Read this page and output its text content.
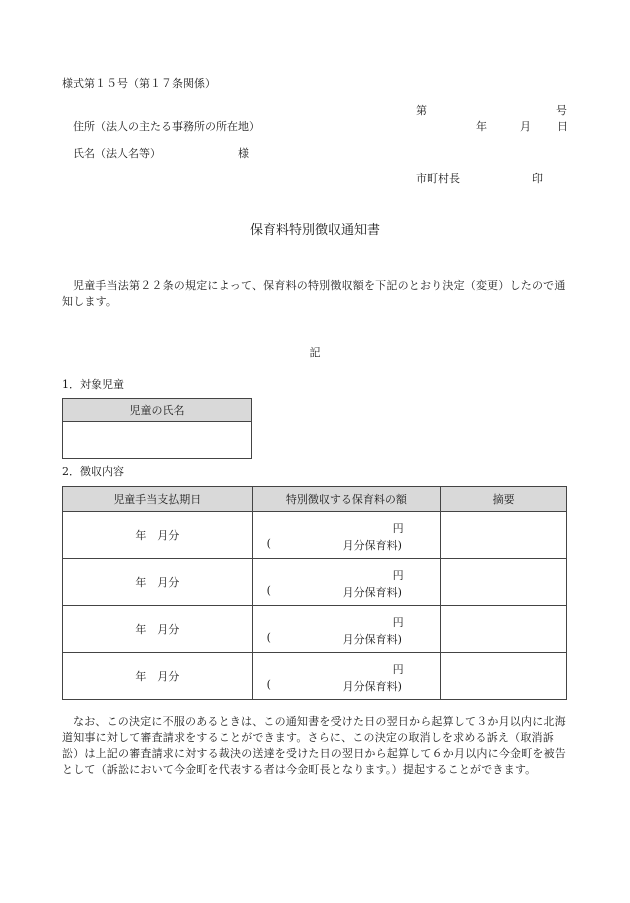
様式第１５号（第１７条関係）
第	号
住所（法人の主たる事務所の所在地）	年	月 日
氏名（法人名等）	様
市町村長	印
保育料特別徴収通知書
児童手当法第２２条の規定によって、保育料の特別徴収額を下記のとおり決定（変更）したので通知します。
記
1．対象児童
児童の氏名

2．徴収内容
児童手当支払期日	特別徴収する保育料の額	摘要
年　月分	円
( 月分保育料)	

年　月分	円
( 月分保育料)	

年　月分	円
( 月分保育料)	

年　月分	円
( 月分保育料)	

なお、この決定に不服のあるときは、この通知書を受けた日の翌日から起算して３か月以内に北海道知事に対して審査請求をすることができます。さらに、この決定の取消しを求める訴え（取消訴訟）は上記の審査請求に対する裁決の送達を受けた日の翌日から起算して６か月以内に今金町を被告として（訴訟において今金町を代表する者は今金町長となります。）提起することができます。
